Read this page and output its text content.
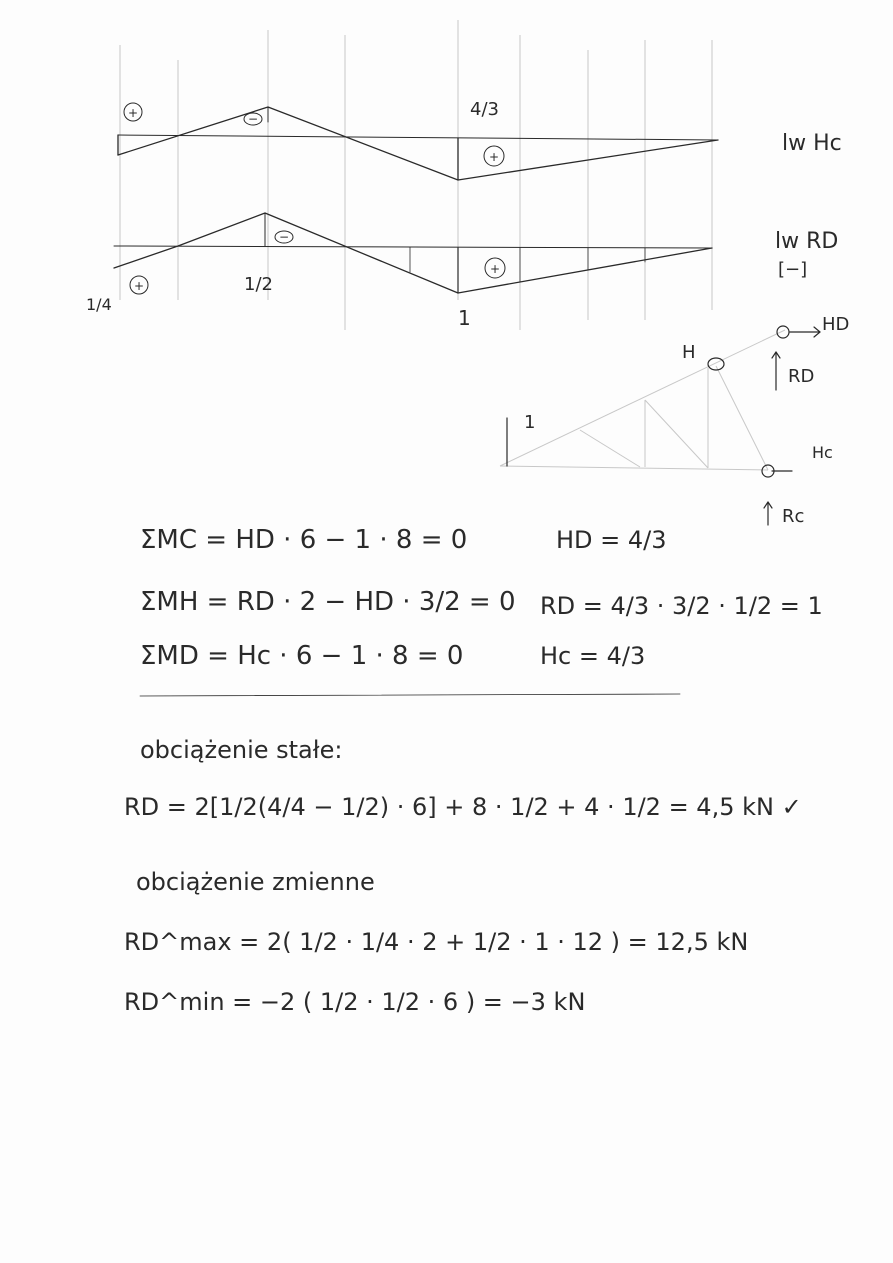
+	−
+
4/3
lw Hc
+
−
+
1/4
1/2
1
lw RD
[−]
1
H
HD
RD
Hc
Rc
ΣMC = HD · 6 − 1 · 8 = 0	HD = 4/3
ΣMH = RD · 2 − HD · 3/2 = 0 RD = 4/3 · 3/2 · 1/2 = 1
ΣMD = Hc · 6 − 1 · 8 = 0	Hc = 4/3
obciążenie stałe:
RD = 2[1/2(4/4 − 1/2) · 6] + 8 · 1/2 + 4 · 1/2 = 4,5 kN ✓
obciążenie zmienne
RD^max = 2( 1/2 · 1/4 · 2 + 1/2 · 1 · 12 ) = 12,5 kN
RD^min = −2 ( 1/2 · 1/2 · 6 ) = −3 kN
